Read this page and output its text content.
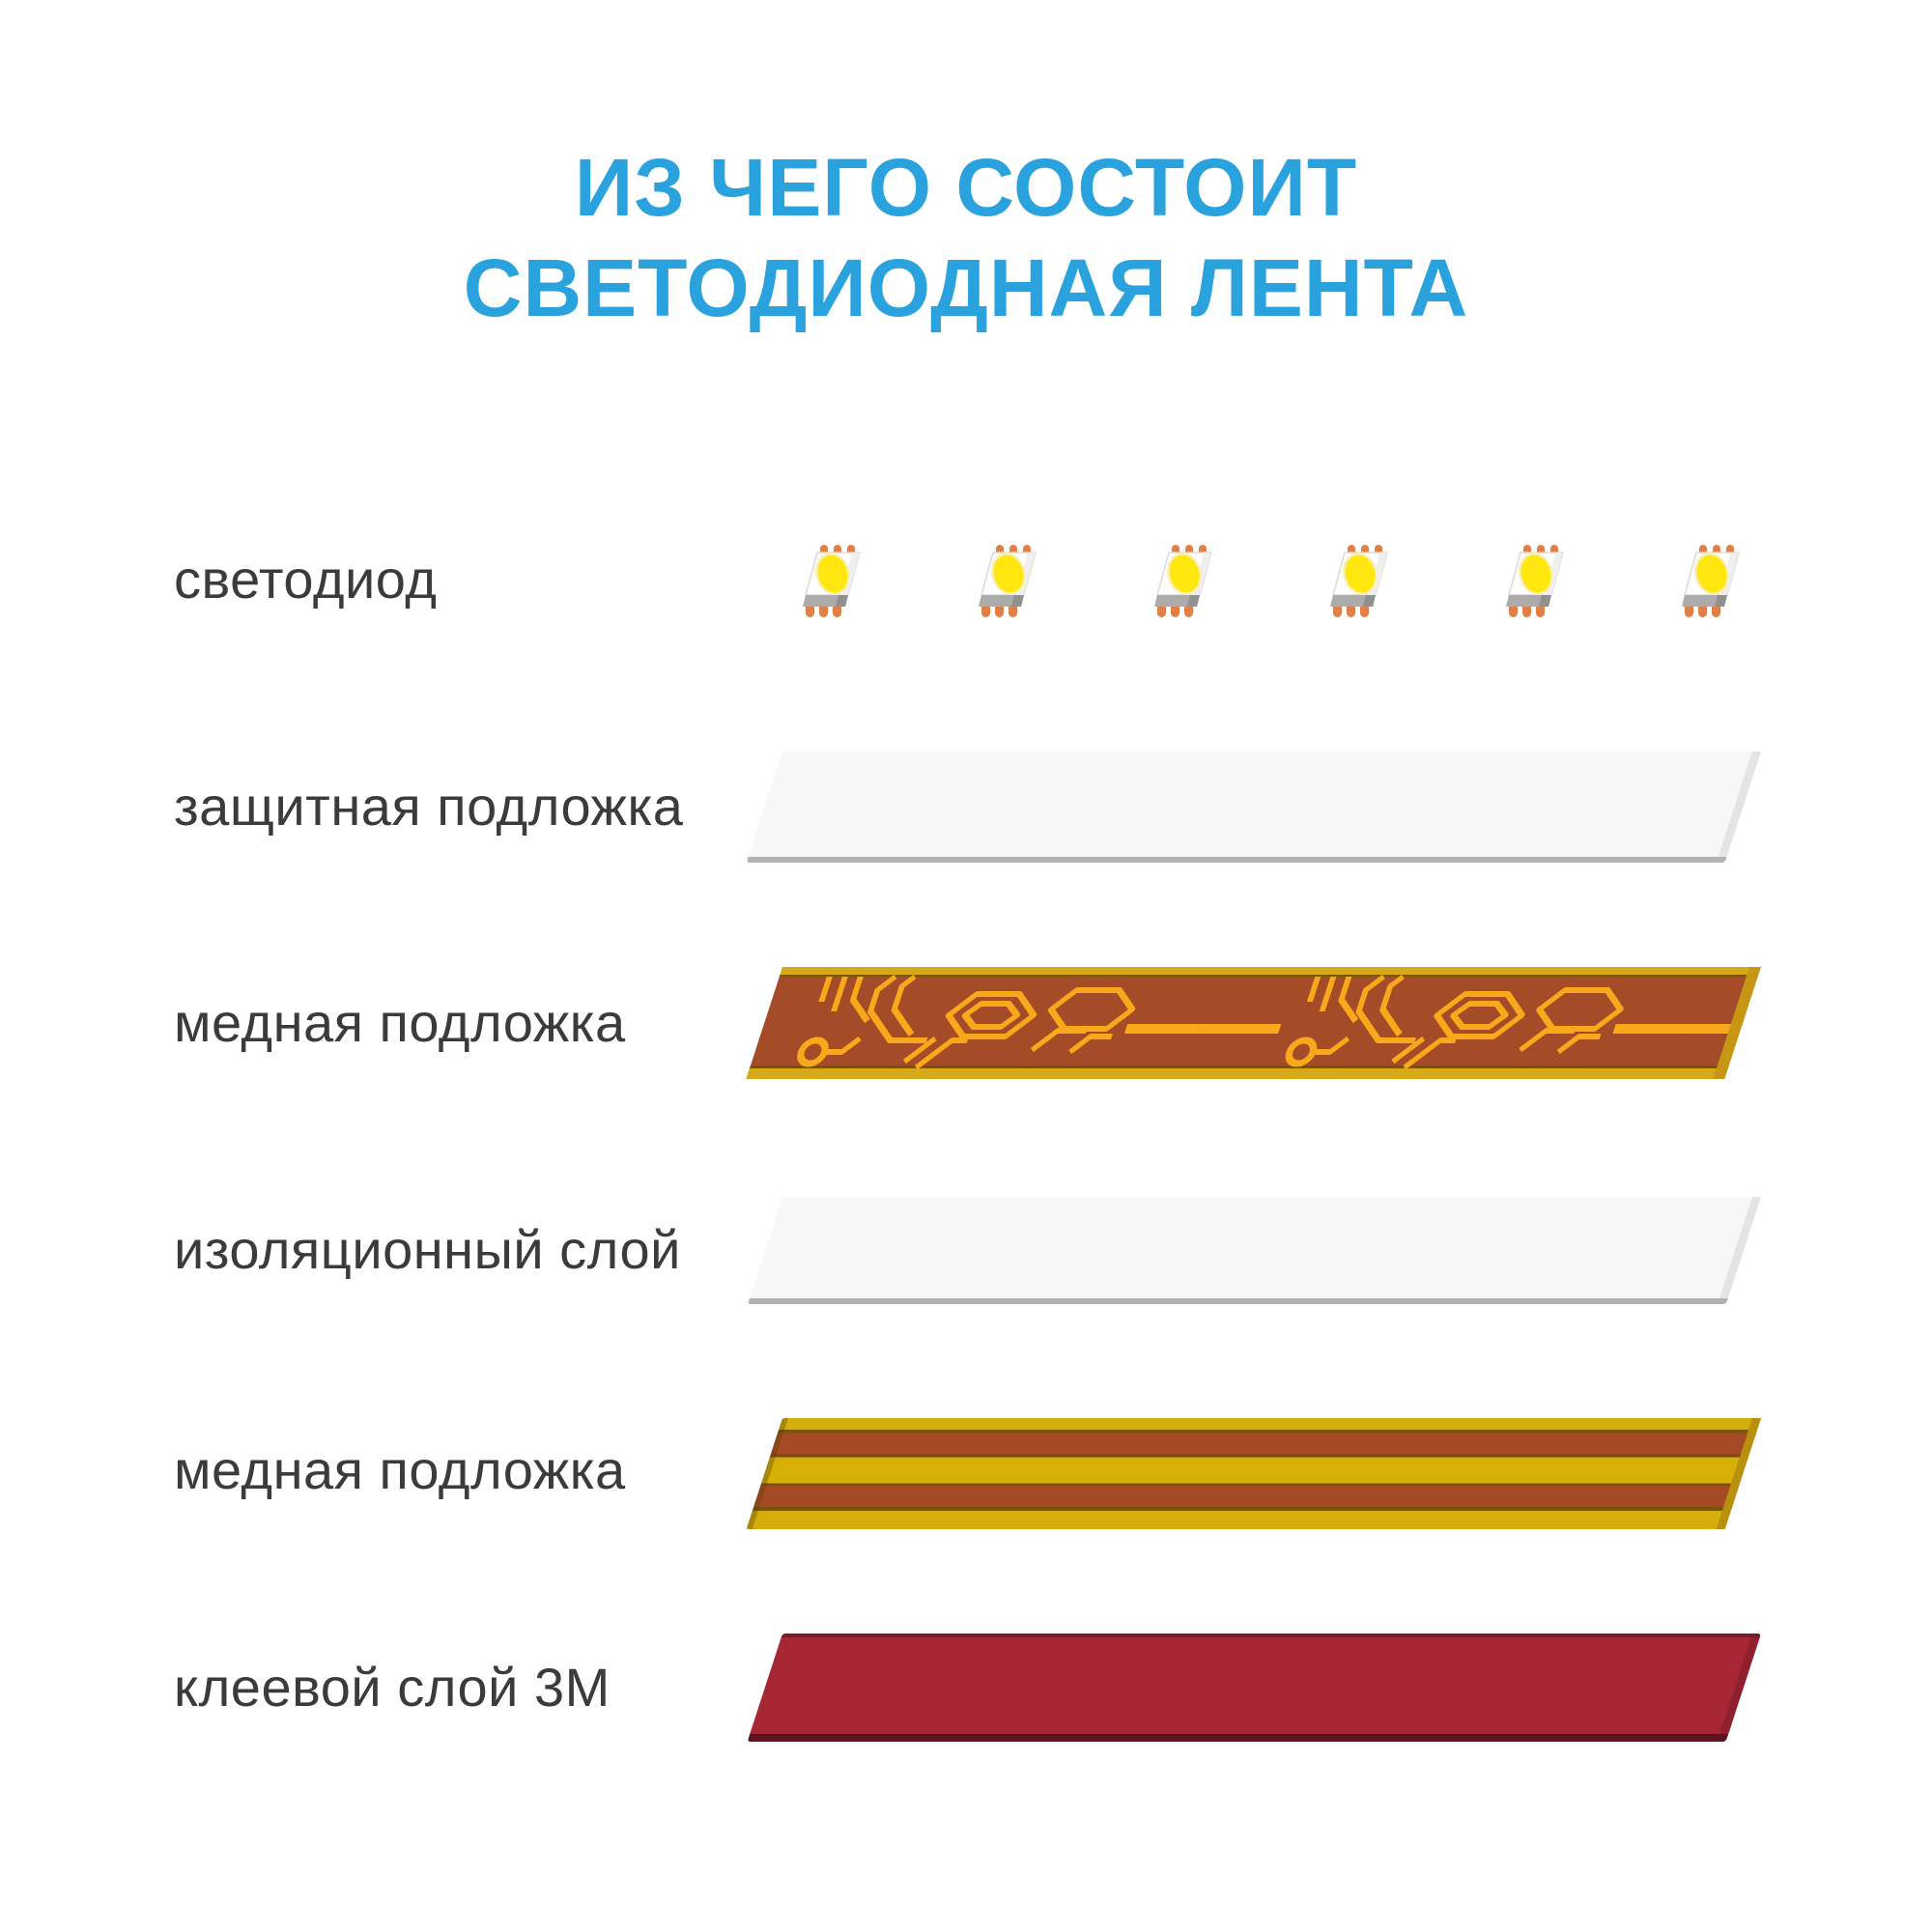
ИЗ ЧЕГО СОСТОИТ
СВЕТОДИОДНАЯ ЛЕНТА
светодиод
защитная подложка
медная подложка
изоляционный слой
медная подложка
клеевой слой 3М
